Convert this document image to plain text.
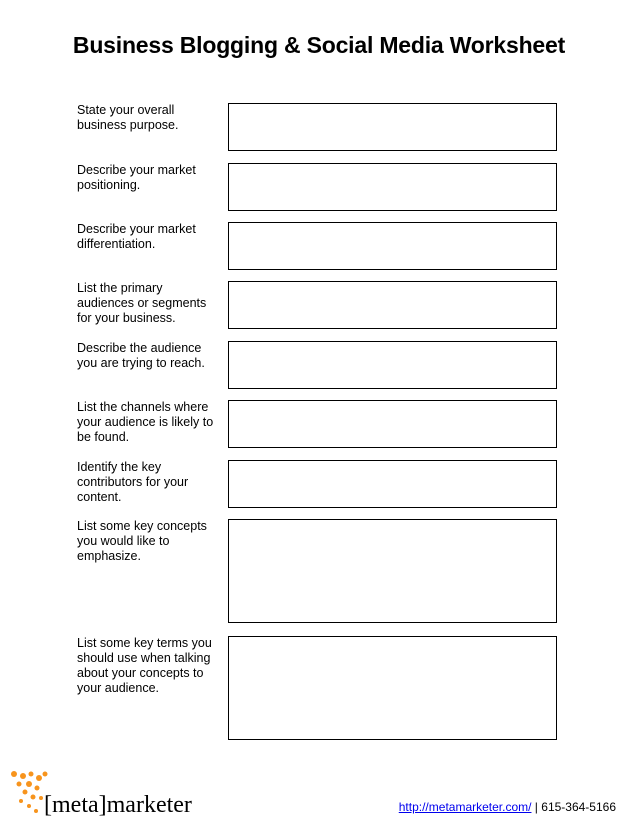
Business Blogging & Social Media Worksheet
State your overall business purpose.
Describe your market positioning.
Describe your market differentiation.
List the primary audiences or segments for your business.
Describe the audience you are trying to reach.
List the channels where your audience is likely to be found.
Identify the key contributors for your content.
List some key concepts you would like to emphasize.
List some key terms you should use when talking about your concepts to your audience.
[meta]marketer	http://metamarketer.com/ | 615-364-5166
